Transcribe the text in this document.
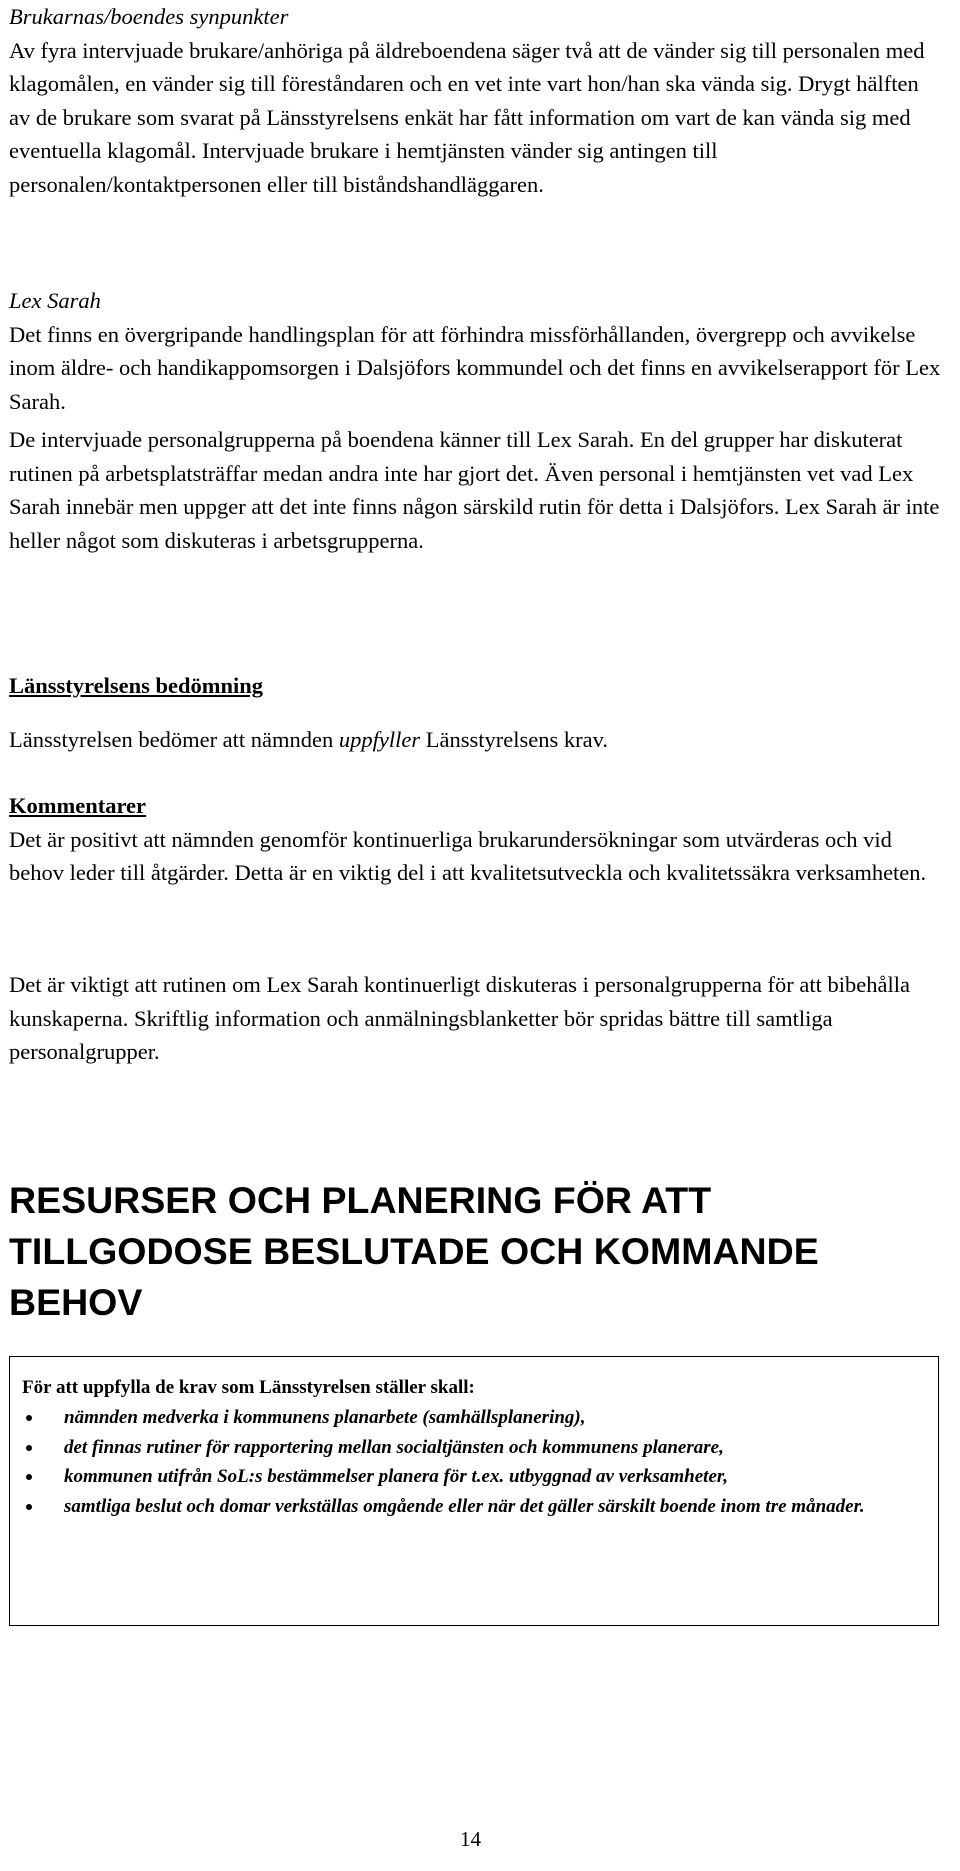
Brukarnas/boendes synpunkter

Av fyra intervjuade brukare/anhöriga på äldreboendena säger två att de vänder sig till personalen med klagomålen, en vänder sig till föreståndaren och en vet inte vart hon/han ska vända sig. Drygt hälften av de brukare som svarat på Länsstyrelsens enkät har fått information om vart de kan vända sig med eventuella klagomål. Intervjuade brukare i hemtjänsten vänder sig antingen till personalen/kontaktpersonen eller till biståndshandläggaren.

Lex Sarah

Det finns en övergripande handlingsplan för att förhindra missförhållanden, övergrepp och avvikelse inom äldre- och handikappomsorgen i Dalsjöfors kommundel och det finns en avvikelserapport för Lex Sarah.

De intervjuade personalgrupperna på boendena känner till Lex Sarah. En del grupper har diskuterat rutinen på arbetsplatsträffar medan andra inte har gjort det. Även personal i hemtjänsten vet vad Lex Sarah innebär men uppger att det inte finns någon särskild rutin för detta i Dalsjöfors. Lex Sarah är inte heller något som diskuteras i arbetsgrupperna.

Länsstyrelsens bedömning

Länsstyrelsen bedömer att nämnden uppfyller Länsstyrelsens krav.

Kommentarer

Det är positivt att nämnden genomför kontinuerliga brukarundersökningar som utvärderas och vid behov leder till åtgärder. Detta är en viktig del i att kvalitetsutveckla och kvalitetssäkra verksamheten.

Det är viktigt att rutinen om Lex Sarah kontinuerligt diskuteras i personalgrupperna för att bibehålla kunskaperna. Skriftlig information och anmälningsblanketter bör spridas bättre till samtliga personalgrupper.

RESURSER OCH PLANERING FÖR ATT TILLGODOSE BESLUTADE OCH KOMMANDE BEHOV

För att uppfylla de krav som Länsstyrelsen ställer skall:

nämnden medverka i kommunens planarbete (samhällsplanering),
det finnas rutiner för rapportering mellan socialtjänsten och kommunens planerare,
kommunen utifrån SoL:s bestämmelser planera för t.ex. utbyggnad av verksamheter,
samtliga beslut och domar verkställas omgående eller när det gäller särskilt boende inom tre månader.
14
